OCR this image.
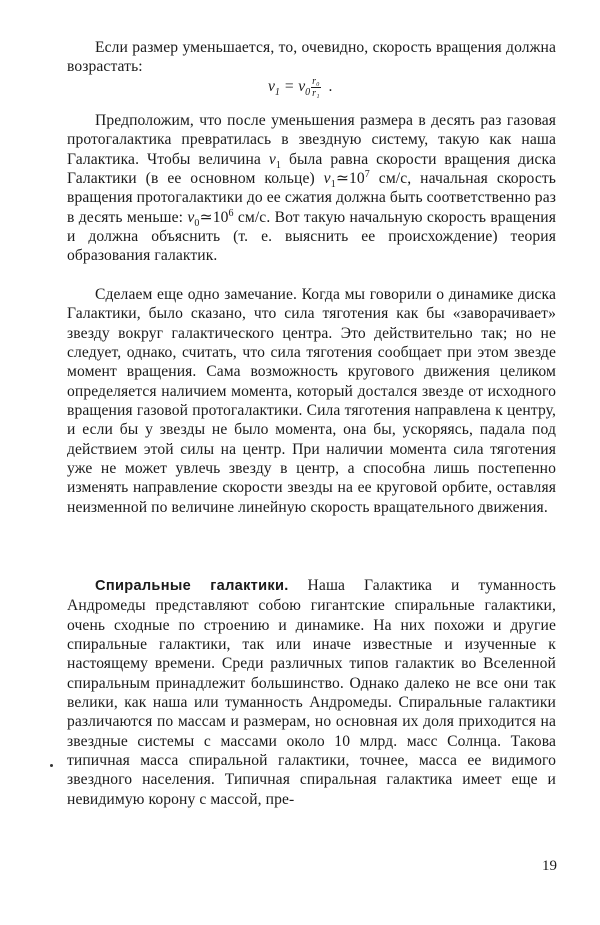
Если размер уменьшается, то, очевидно, скорость вращения должна возрастать:

$v_1 = v_0 \frac{\text{r₀}}{\text{r₁}}$ .

Предположим, что после уменьшения размера в десять раз газовая протогалактика превратилась в звездную систему, такую как наша Галактика. Чтобы величина $v_1$ была равна скорости вращения диска Галактики (в ее основном кольце) $v_1≃10^7$ см/с, начальная скорость вращения протогалактики до ее сжатия должна быть соответственно раз в десять меньше: $v_0≃10^6$ см/с. Вот такую начальную скорость вращения и должна объяснить (т. е. выяснить ее происхождение) теория образования галактик.

Сделаем еще одно замечание. Когда мы говорили о динамике диска Галактики, было сказано, что сила тяготения как бы «заворачивает» звезду вокруг галактического центра. Это действительно так; но не следует, однако, считать, что сила тяготения сообщает при этом звезде момент вращения. Сама возможность кругового движения целиком определяется наличием момента, который достался звезде от исходного вращения газовой протогалактики. Сила тяготения направлена к центру, и если бы у звезды не было момента, она бы, ускоряясь, падала под действием этой силы на центр. При наличии момента сила тяготения уже не может увлечь звезду в центр, а способна лишь постепенно изменять направление скорости звезды на ее круговой орбите, оставляя неизменной по величине линейную скорость вращательного движения.

Спиральные галактики. Наша Галактика и туманность Андромеды представляют собою гигантские спиральные галактики, очень сходные по строению и динамике. На них похожи и другие спиральные галактики, так или иначе известные и изученные к настоящему времени. Среди различных типов галактик во Вселенной спиральным принадлежит большинство. Однако далеко не все они так велики, как наша или туманность Андромеды. Спиральные галактики различаются по массам и размерам, но основная их доля приходится на звездные системы с массами около 10 млрд. масс Солнца. Такова типичная масса спиральной галактики, точнее, масса ее видимого звездного населения. Типичная спиральная галактика имеет еще и невидимую корону с массой, пре-

19
